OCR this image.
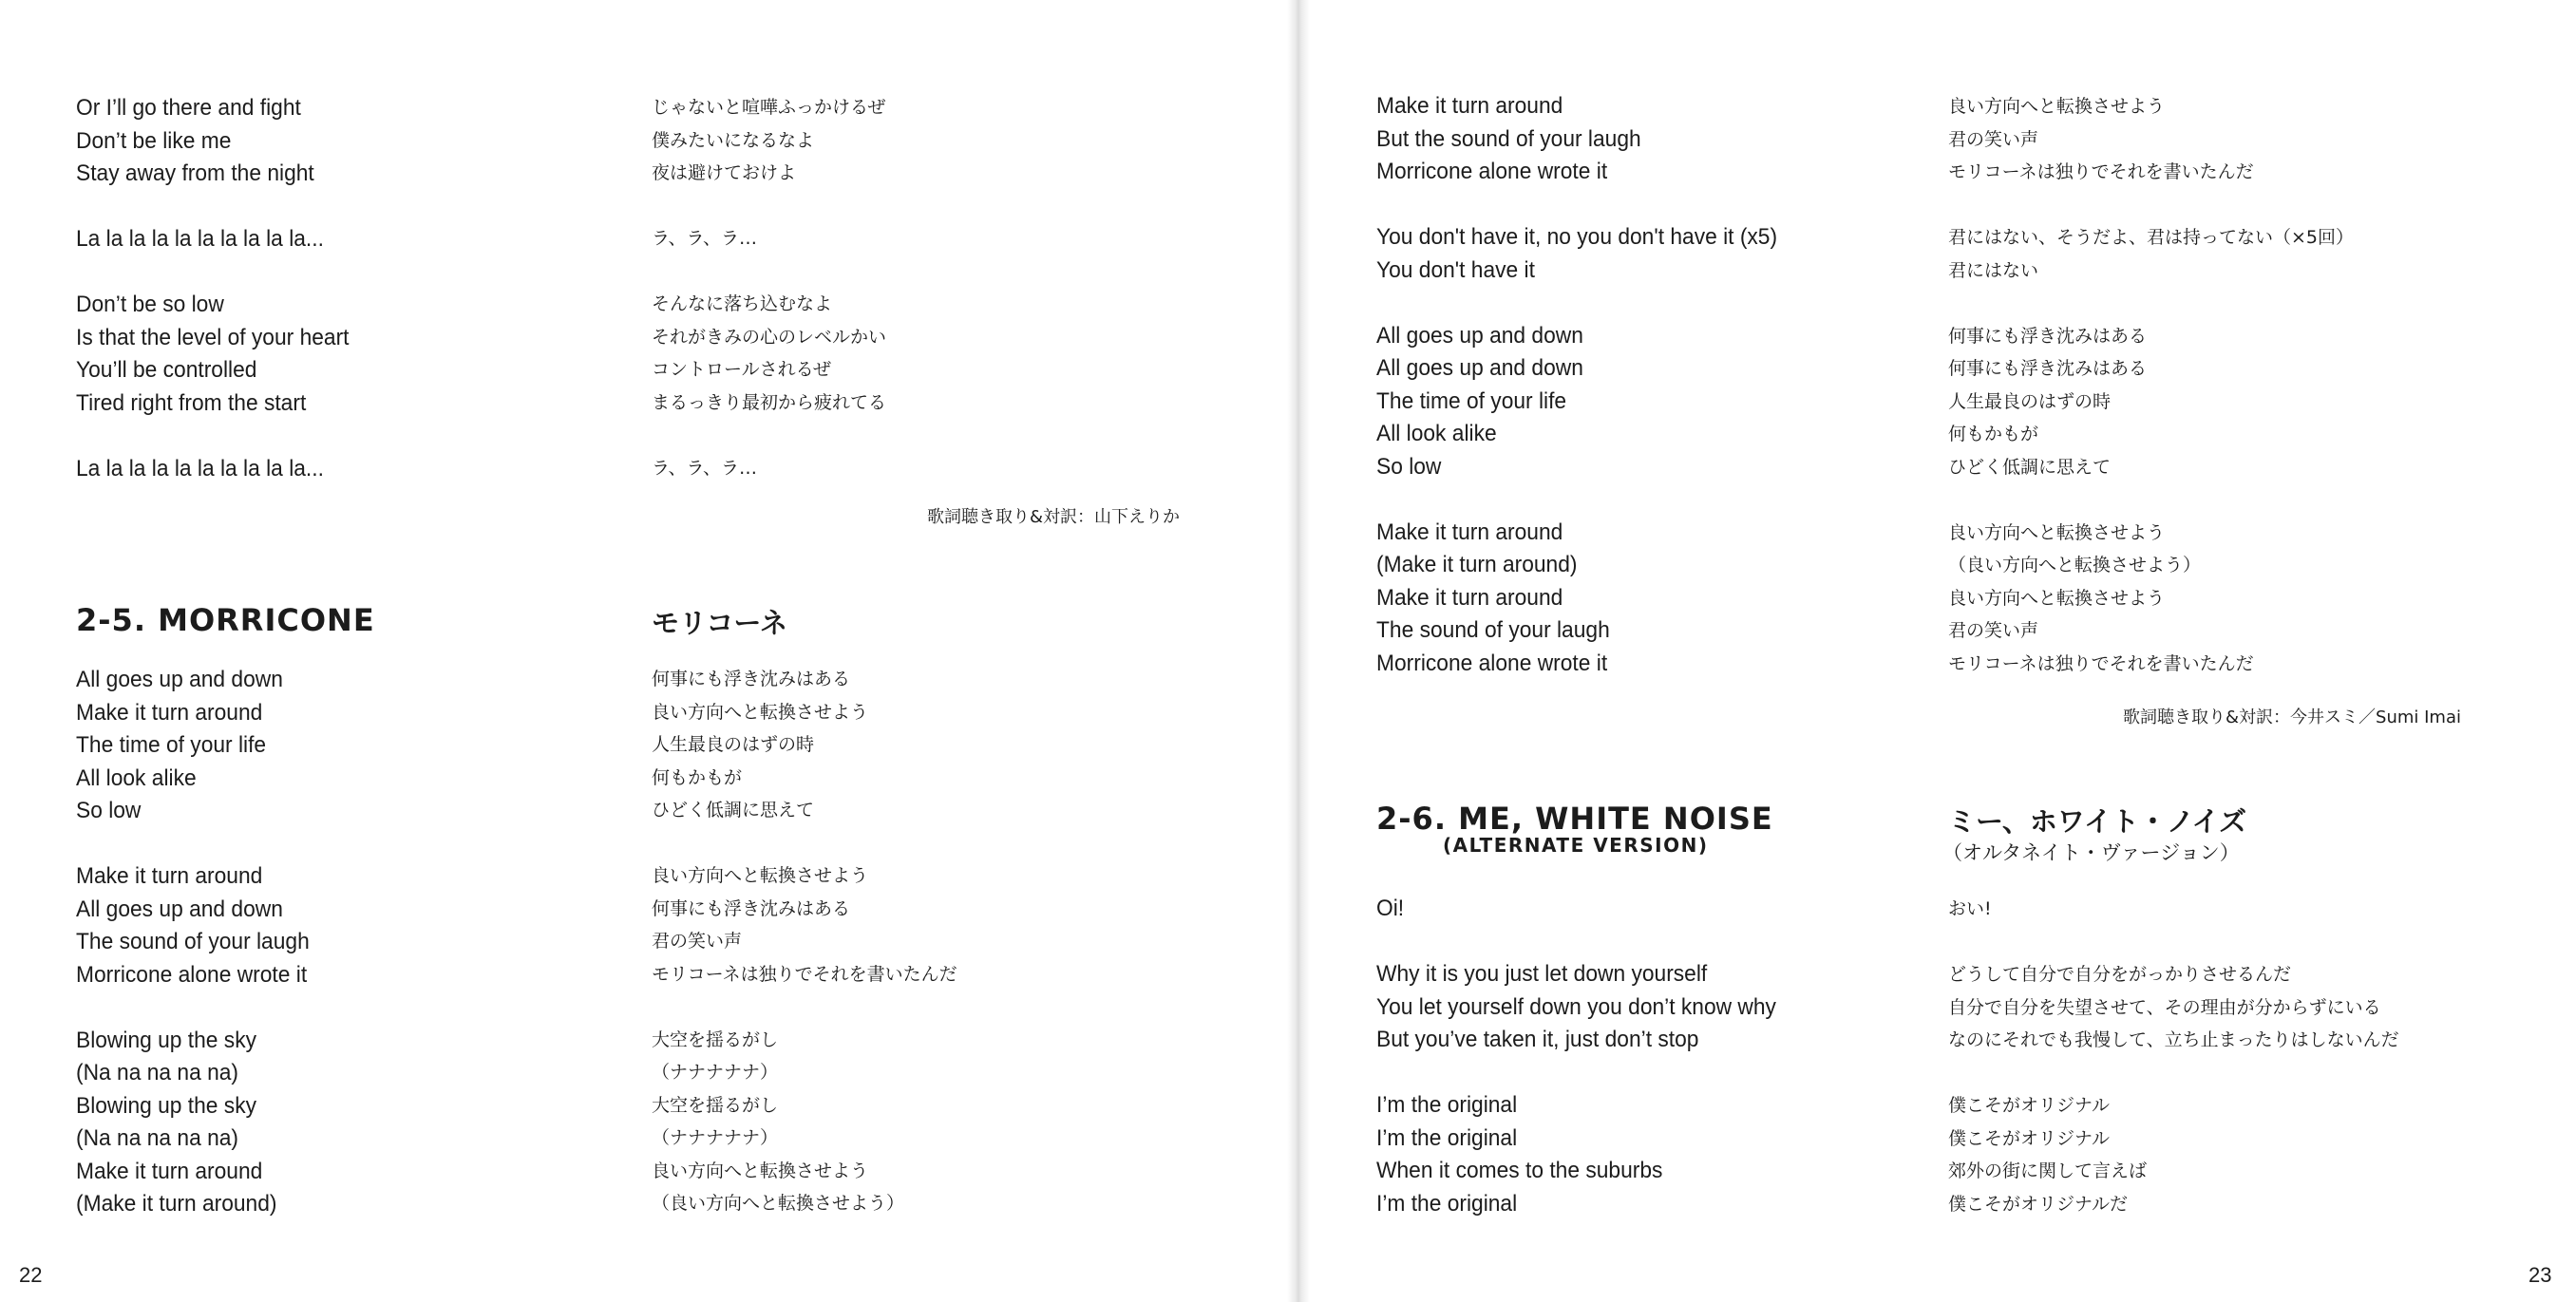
Or I’ll go there and fight
Don’t be like me
Stay away from the night
La la la la la la la la la la...
Don’t be so low
Is that the level of your heart
You’ll be controlled
Tired right from the start
La la la la la la la la la la...
じゃないと喧嘩ふっかけるぜ
僕みたいになるなよ
夜は避けておけよ
ラ、ラ、ラ…
そんなに落ち込むなよ
それがきみの心のレベルかい
コントロールされるぜ
まるっきり最初から疲れてる
ラ、ラ、ラ…
歌詞聴き取り&対訳：山下えりか
2-5. MORRICONE	モリコーネ
All goes up and down
Make it turn around
The time of your life
All look alike
So low
Make it turn around
All goes up and down
The sound of your laugh
Morricone alone wrote it
Blowing up the sky
(Na na na na na)
Blowing up the sky
(Na na na na na)
Make it turn around
(Make it turn around)
何事にも浮き沈みはある
良い方向へと転換させよう
人生最良のはずの時
何もかもが
ひどく低調に思えて
良い方向へと転換させよう
何事にも浮き沈みはある
君の笑い声
モリコーネは独りでそれを書いたんだ
大空を揺るがし
（ナナナナナ）
大空を揺るがし
（ナナナナナ）
良い方向へと転換させよう
（良い方向へと転換させよう）
22
Make it turn around
But the sound of your laugh
Morricone alone wrote it
You don't have it, no you don't have it (x5)
You don't have it
All goes up and down
All goes up and down
The time of your life
All look alike
So low
Make it turn around
(Make it turn around)
Make it turn around
The sound of your laugh
Morricone alone wrote it
良い方向へと転換させよう
君の笑い声
モリコーネは独りでそれを書いたんだ
君にはない、そうだよ、君は持ってない（×5回）
君にはない
何事にも浮き沈みはある
何事にも浮き沈みはある
人生最良のはずの時
何もかもが
ひどく低調に思えて
良い方向へと転換させよう
（良い方向へと転換させよう）
良い方向へと転換させよう
君の笑い声
モリコーネは独りでそれを書いたんだ
歌詞聴き取り&対訳：今井スミ／Sumi Imai
2-6. ME, WHITE NOISE
(ALTERNATE VERSION)
ミー、ホワイト・ノイズ
（オルタネイト・ヴァージョン）
Oi!
Why it is you just let down yourself
You let yourself down you don’t know why
But you’ve taken it, just don’t stop
I’m the original
I’m the original
When it comes to the suburbs
I’m the original
おい!
どうして自分で自分をがっかりさせるんだ
自分で自分を失望させて、その理由が分からずにいる
なのにそれでも我慢して、立ち止まったりはしないんだ
僕こそがオリジナル
僕こそがオリジナル
郊外の街に関して言えば
僕こそがオリジナルだ
23
